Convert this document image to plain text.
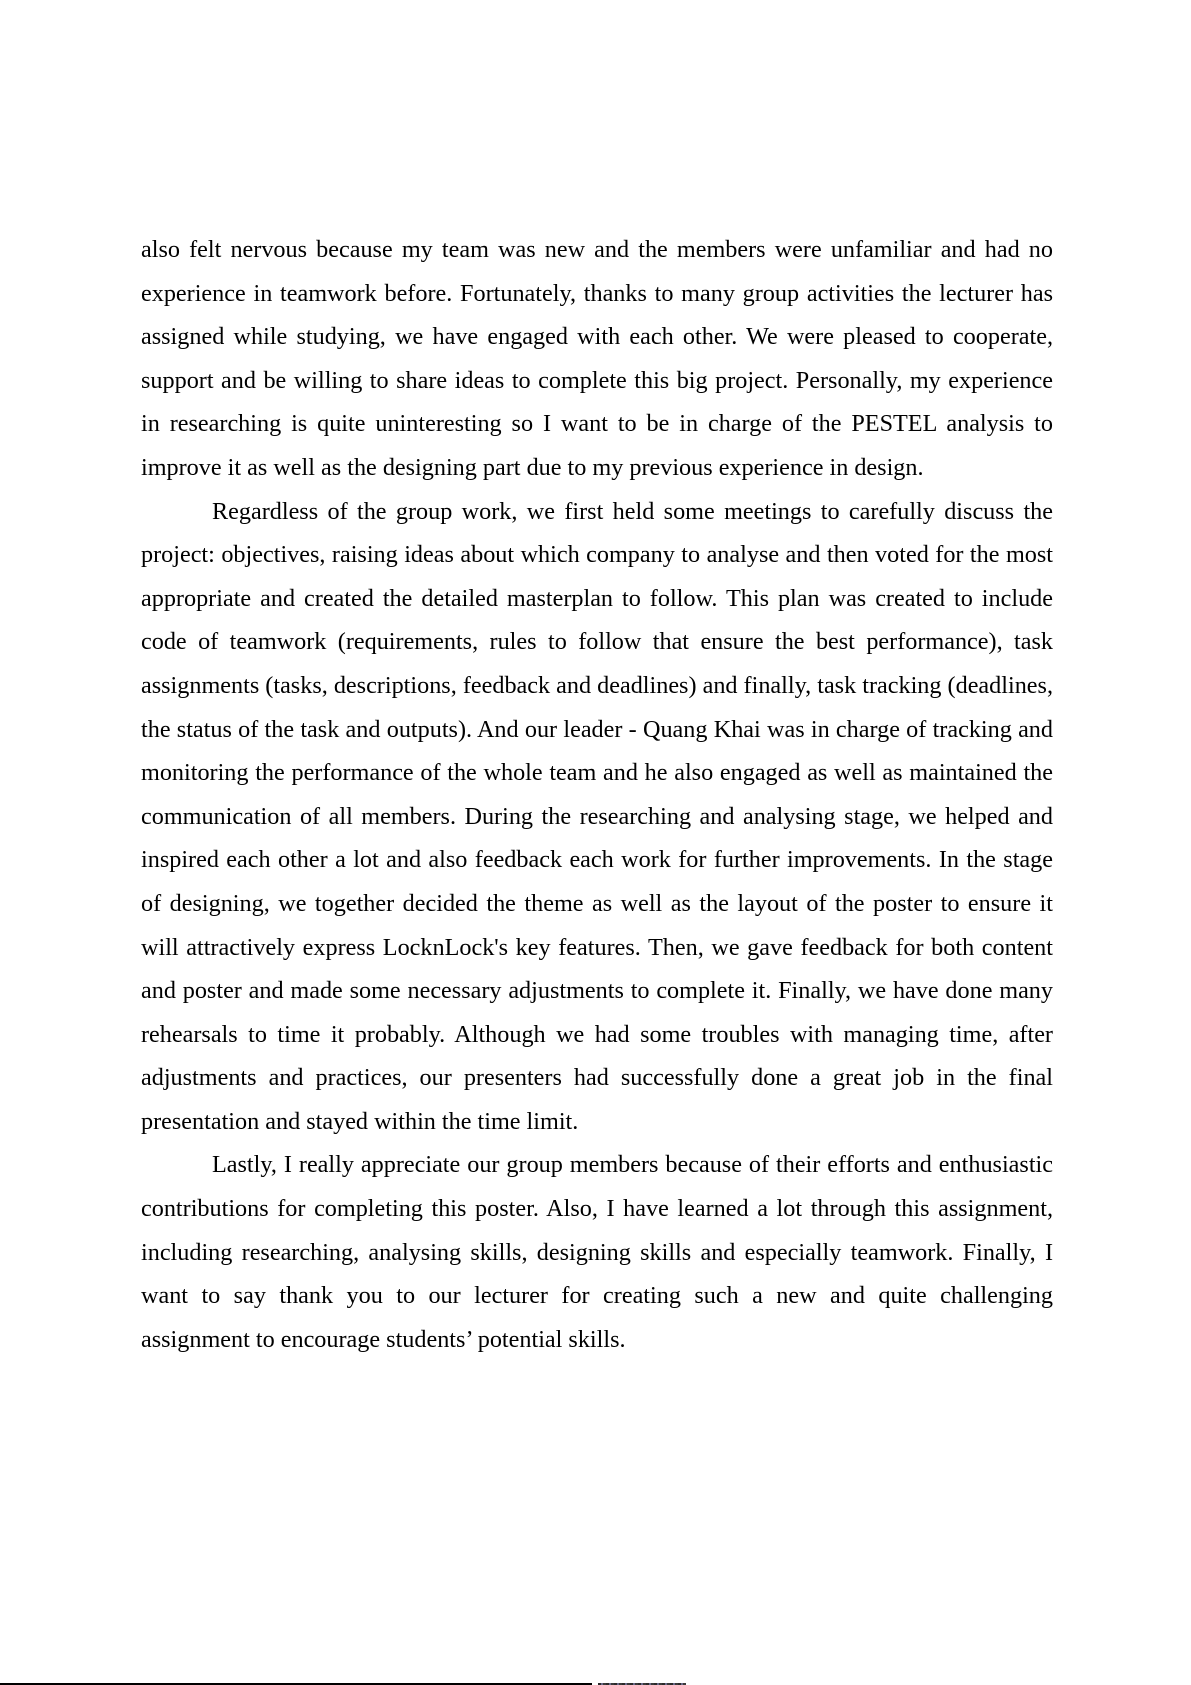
also felt nervous because my team was new and the members were unfamiliar and had no experience in teamwork before. Fortunately, thanks to many group activities the lecturer has assigned while studying, we have engaged with each other. We were pleased to cooperate, support and be willing to share ideas to complete this big project. Personally, my experience in researching is quite uninteresting so I want to be in charge of the PESTEL analysis to improve it as well as the designing part due to my previous experience in design.

Regardless of the group work, we first held some meetings to carefully discuss the project: objectives, raising ideas about which company to analyse and then voted for the most appropriate and created the detailed masterplan to follow. This plan was created to include code of teamwork (requirements, rules to follow that ensure the best performance), task assignments (tasks, descriptions, feedback and deadlines) and finally, task tracking (deadlines, the status of the task and outputs). And our leader - Quang Khai was in charge of tracking and monitoring the performance of the whole team and he also engaged as well as maintained the communication of all members. During the researching and analysing stage, we helped and inspired each other a lot and also feedback each work for further improvements. In the stage of designing, we together decided the theme as well as the layout of the poster to ensure it will attractively express LocknLock's key features. Then, we gave feedback for both content and poster and made some necessary adjustments to complete it. Finally, we have done many rehearsals to time it probably. Although we had some troubles with managing time, after adjustments and practices, our presenters had successfully done a great job in the final presentation and stayed within the time limit.

Lastly, I really appreciate our group members because of their efforts and enthusiastic contributions for completing this poster. Also, I have learned a lot through this assignment, including researching, analysing skills, designing skills and especially teamwork. Finally, I want to say thank you to our lecturer for creating such a new and quite challenging assignment to encourage students’ potential skills.
